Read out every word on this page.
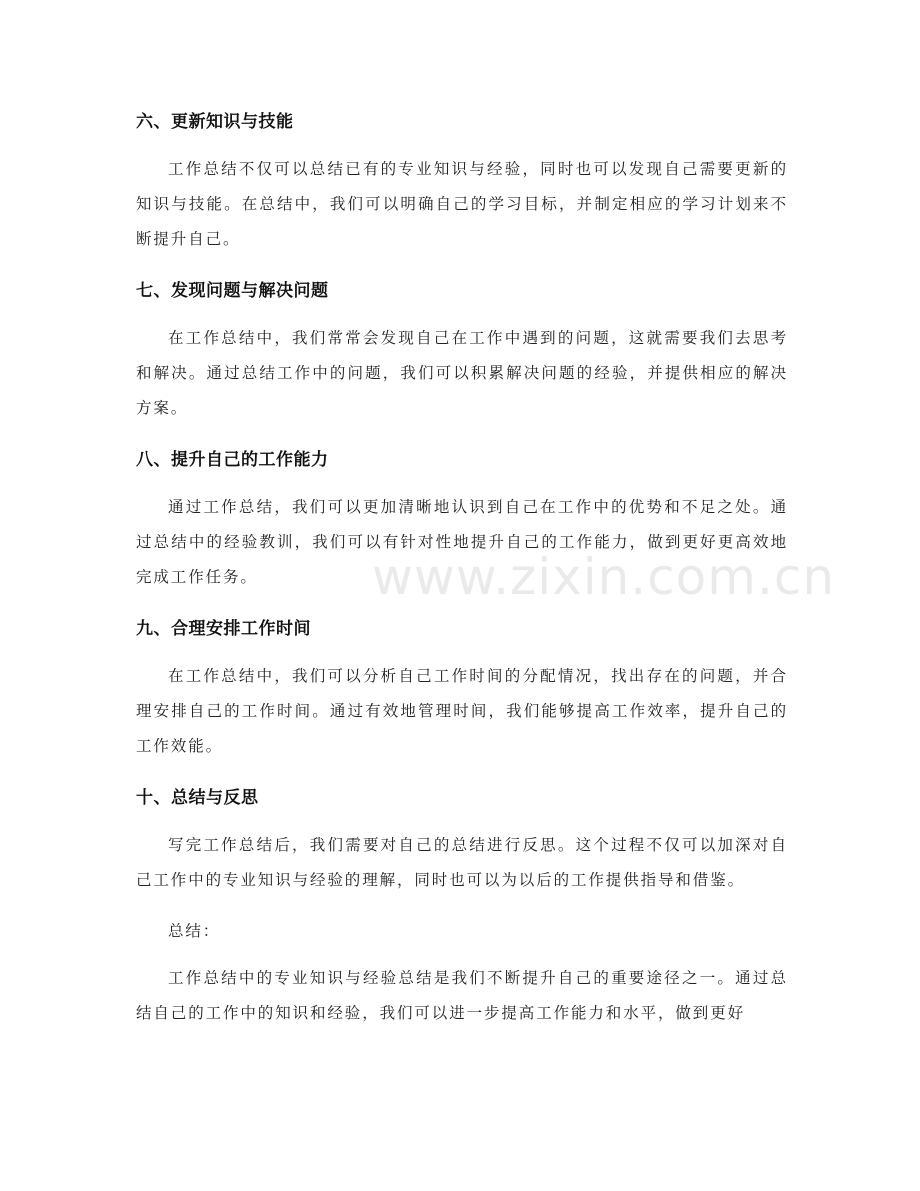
六、更新知识与技能

工作总结不仅可以总结已有的专业知识与经验，同时也可以发现自己需要更新的知识与技能。在总结中，我们可以明确自己的学习目标，并制定相应的学习计划来不断提升自己。

七、发现问题与解决问题

在工作总结中，我们常常会发现自己在工作中遇到的问题，这就需要我们去思考和解决。通过总结工作中的问题，我们可以积累解决问题的经验，并提供相应的解决方案。

八、提升自己的工作能力

通过工作总结，我们可以更加清晰地认识到自己在工作中的优势和不足之处。通过总结中的经验教训，我们可以有针对性地提升自己的工作能力，做到更好更高效地完成工作任务。

九、合理安排工作时间

在工作总结中，我们可以分析自己工作时间的分配情况，找出存在的问题，并合理安排自己的工作时间。通过有效地管理时间，我们能够提高工作效率，提升自己的工作效能。

十、总结与反思

写完工作总结后，我们需要对自己的总结进行反思。这个过程不仅可以加深对自己工作中的专业知识与经验的理解，同时也可以为以后的工作提供指导和借鉴。

总结：

工作总结中的专业知识与经验总结是我们不断提升自己的重要途径之一。通过总结自己的工作中的知识和经验，我们可以进一步提高工作能力和水平，做到更好

www.zixin.com.cn
